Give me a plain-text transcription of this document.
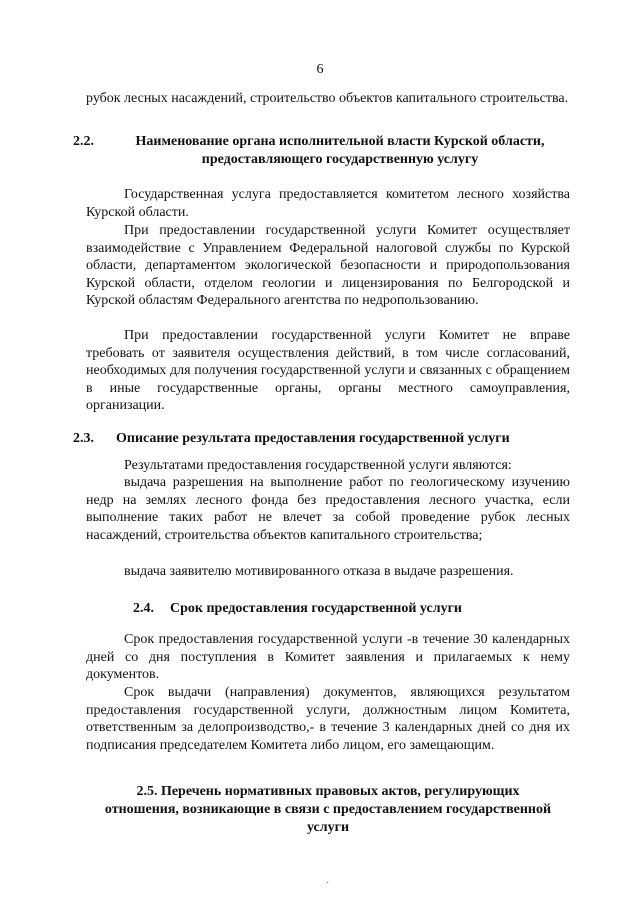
6

рубок лесных насаждений, строительство объектов капитального строительства.

2.2.	Наименование органа исполнительной власти Курской области,
предоставляющего государственную услугу

Государственная услуга предоставляется комитетом лесного хозяйства Курской области.

При предоставлении государственной услуги Комитет осуществляет взаимодействие с Управлением Федеральной налоговой службы по Курской области, департаментом экологической безопасности и природопользования Курской области, отделом геологии и лицензирования по Белгородской и Курской областям Федерального агентства по недропользованию.

При предоставлении государственной услуги Комитет не вправе требовать от заявителя осуществления действий, в том числе согласований, необходимых для получения государственной услуги и связанных с обращением в иные государственные органы, органы местного самоуправления, организации.

2.3. Описание результата предоставления государственной услуги

Результатами предоставления государственной услуги являются:

выдача разрешения на выполнение работ по геологическому изучению недр на землях лесного фонда без предоставления лесного участка, если выполнение таких работ не влечет за собой проведение рубок лесных насаждений, строительства объектов капитального строительства;

выдача заявителю мотивированного отказа в выдаче разрешения.

2.4. Срок предоставления государственной услуги

Срок предоставления государственной услуги -в течение 30 календарных дней со дня поступления в Комитет заявления и прилагаемых к нему документов.

Срок выдачи (направления) документов, являющихся результатом предоставления государственной услуги, должностным лицом Комитета, ответственным за делопроизводство,- в течение 3 календарных дней со дня их подписания председателем Комитета либо лицом, его замещающим.

2.5. Перечень нормативных правовых актов, регулирующих
отношения, возникающие в связи с предоставлением государственной
услуги
·
